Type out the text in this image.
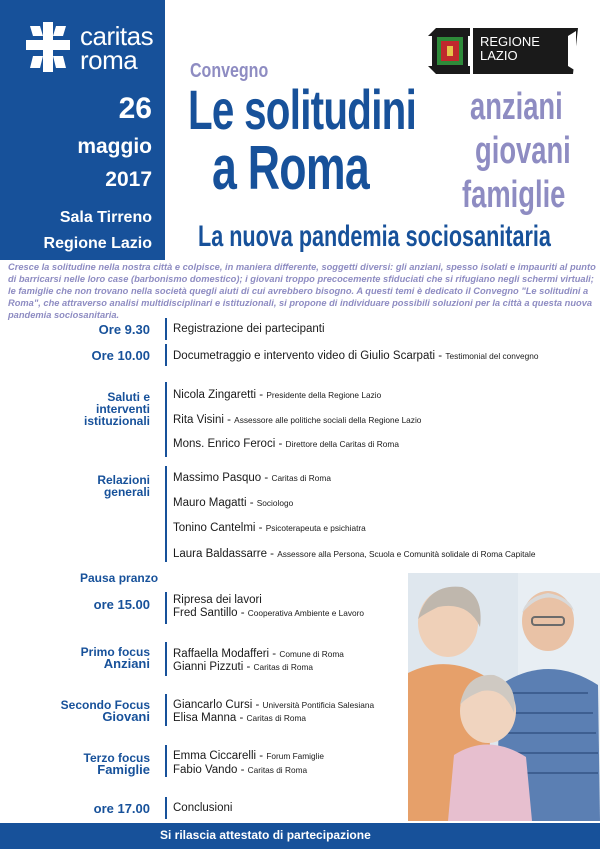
caritas
roma
26
maggio
2017
Sala Tirreno
Regione Lazio
REGIONE
LAZIO
Convegno
Le solitudini
a Roma
anziani
giovani
famiglie
La nuova pandemia sociosanitaria
Cresce la solitudine nella nostra città e colpisce, in maniera differente, soggetti diversi: gli anziani, spesso isolati e impauriti al punto di barricarsi nelle loro case (barbonismo domestico); i giovani troppo precocemente sfiduciati che si rifugiano negli schermi virtuali; le famiglie che non trovano nella società quegli aiuti di cui avrebbero bisogno. A questi temi è dedicato il Convegno "Le solitudini a Roma", che attraverso analisi multidisciplinari e istituzionali, si propone di individuare possibili soluzioni per la città a questa nuova pandemia sociosanitaria.
Ore 9.30 Registrazione dei partecipanti
Ore 10.00 Documetraggio e intervento video di Giulio Scarpati - Testimonial del convegno
Saluti e
interventi
istituzionali
Nicola Zingaretti - Presidente della Regione Lazio
Rita Visini - Assessore alle politiche sociali della Regione Lazio
Mons. Enrico Feroci - Direttore della Caritas di Roma
Relazioni
generali
Massimo Pasquo - Caritas di Roma
Mauro Magatti - Sociologo
Tonino Cantelmi - Psicoterapeuta e psichiatra
Laura Baldassarre - Assessore alla Persona, Scuola e Comunità solidale di Roma Capitale
Pausa pranzo
ore 15.00 Ripresa dei lavori
Fred Santillo - Cooperativa Ambiente e Lavoro
Primo focus
Anziani
Raffaella Modafferi - Comune di Roma
Gianni Pizzuti - Caritas di Roma
Secondo Focus
Giovani
Giancarlo Cursi - Università Pontificia Salesiana
Elisa Manna - Caritas di Roma
Terzo focus
Famiglie
Emma Ciccarelli - Forum Famiglie
Fabio Vando - Caritas di Roma
ore 17.00 Conclusioni
Si rilascia attestato di partecipazione
